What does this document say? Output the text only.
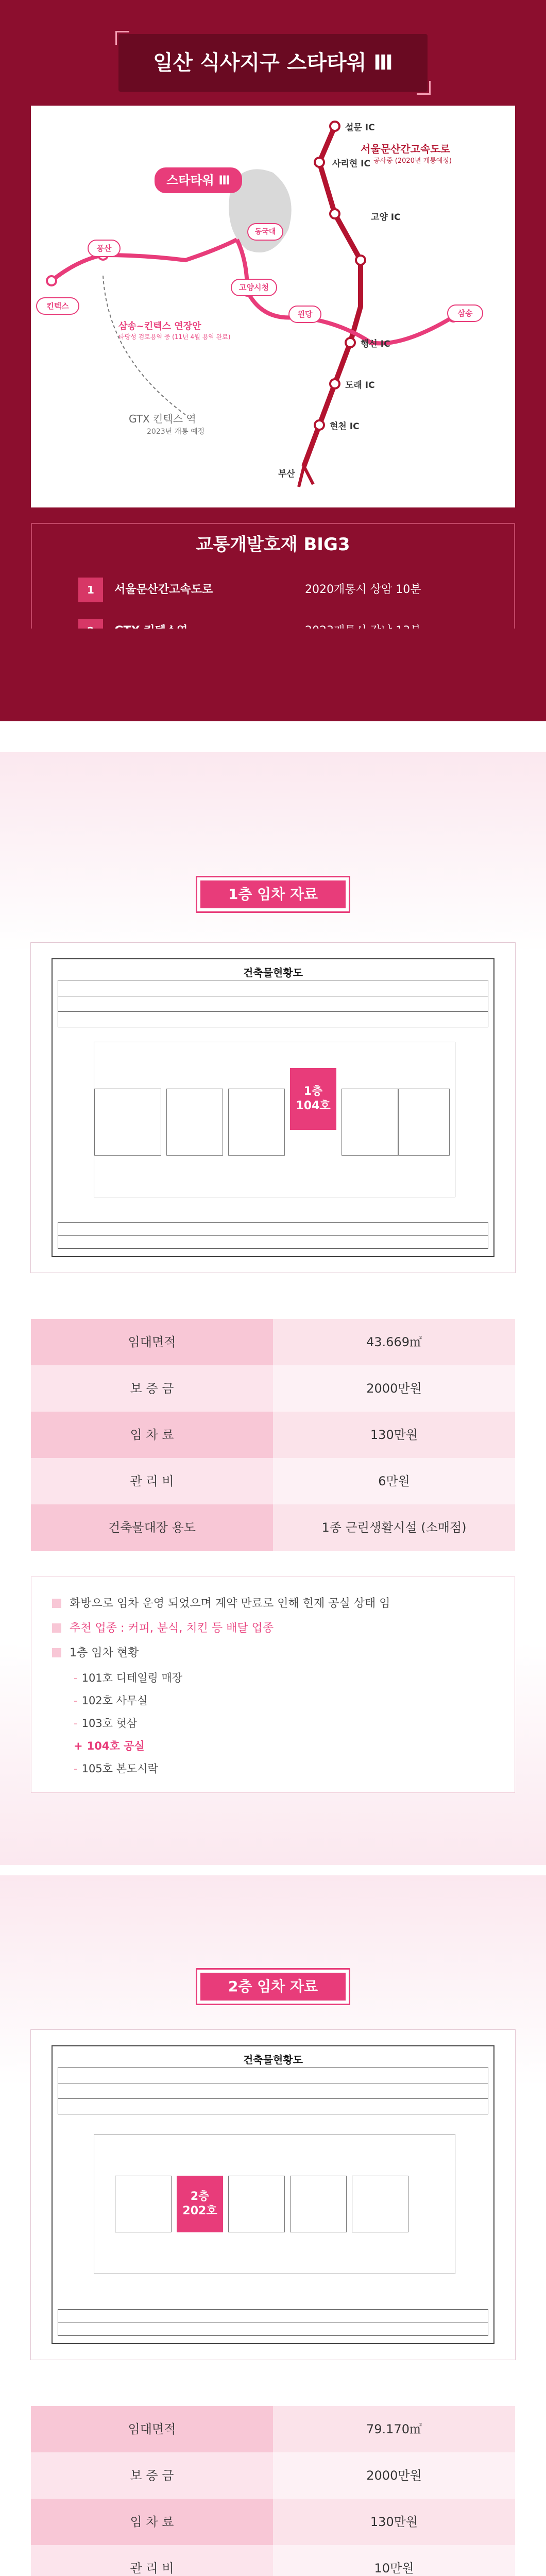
일산 식사지구 스타타워 Ⅲ
스타타워 Ⅲ
설문 IC
서울문산간고속도로
공사중 (2020년 개통예정)
사리현 IC
고양 IC
행신 IC
도래 IC
현천 IC
부산
동국대
풍산
킨텍스
고양시청
원당	삼송
삼송~킨텍스 연장안
타당성 검토용역 중 (11년 4월 용역 완료)
GTX 킨텍스 역
2023년 개통 예정
교통개발호재 BIG3
1	서울문산간고속도로	2020개통시 상암 10분
1층 임차 자료
건축물현황도
1층
104호
임대면적	43.669㎡
보 증 금	2000만원
임 차 료	130만원
관 리 비	6만원
건축물대장 용도	1종 근린생활시설 (소매점)
화방으로 임차 운영 되었으며 계약 만료로 인해 현재 공실 상태 임
추천 업종 : 커피, 분식, 치킨 등 배달 업종
1층 임차 현황
- 101호 디테일링 매장
- 102호 사무실
- 103호 헛삼
+ 104호 공실
- 105호 본도시락
2층 임차 자료
건축물현황도
2층
202호
임대면적	79.170㎡
보 증 금	2000만원
임 차 료	130만원
관 리 비	10만원
